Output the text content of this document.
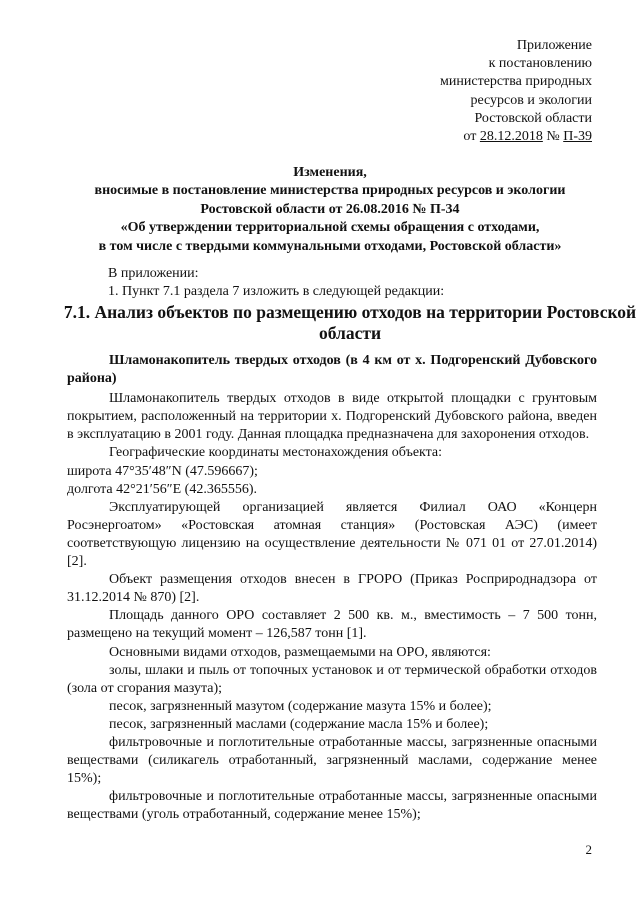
Приложение
к постановлению
министерства природных
ресурсов и экологии
Ростовской области
от 28.12.2018 № П-39
Изменения,
вносимые в постановление министерства природных ресурсов и экологии
Ростовской области от 26.08.2016 № П-34
«Об утверждении территориальной схемы обращения с отходами,
в том числе с твердыми коммунальными отходами, Ростовской области»
В приложении:
1. Пункт 7.1 раздела 7 изложить в следующей редакции:
7.1. Анализ объектов по размещению отходов на территории Ростовской области

Шламонакопитель твердых отходов (в 4 км от х. Подгоренский Дубовского района)

Шламонакопитель твердых отходов в виде открытой площадки с грунтовым покрытием, расположенный на территории х. Подгоренский Дубовского района, введен в эксплуатацию в 2001 году. Данная площадка предназначена для захоронения отходов.

Географические координаты местонахождения объекта:

широта 47°35′48″N (47.596667);

долгота 42°21′56″E (42.365556).

Эксплуатирующей организацией является Филиал ОАО «Концерн Росэнергоатом» «Ростовская атомная станция» (Ростовская АЭС) (имеет соответствующую лицензию на осуществление деятельности № 071 01 от 27.01.2014) [2].

Объект размещения отходов внесен в ГРОРО (Приказ Росприроднадзора от 31.12.2014 № 870) [2].

Площадь данного ОРО составляет 2 500 кв. м., вместимость – 7 500 тонн, размещено на текущий момент – 126,587 тонн [1].

Основными видами отходов, размещаемыми на ОРО, являются:

золы, шлаки и пыль от топочных установок и от термической обработки отходов (зола от сгорания мазута);

песок, загрязненный мазутом (содержание мазута 15% и более);

песок, загрязненный маслами (содержание масла 15% и более);

фильтровочные и поглотительные отработанные массы, загрязненные опасными веществами (силикагель отработанный, загрязненный маслами, содержание менее 15%);

фильтровочные и поглотительные отработанные массы, загрязненные опасными веществами (уголь отработанный, содержание менее 15%);

2
